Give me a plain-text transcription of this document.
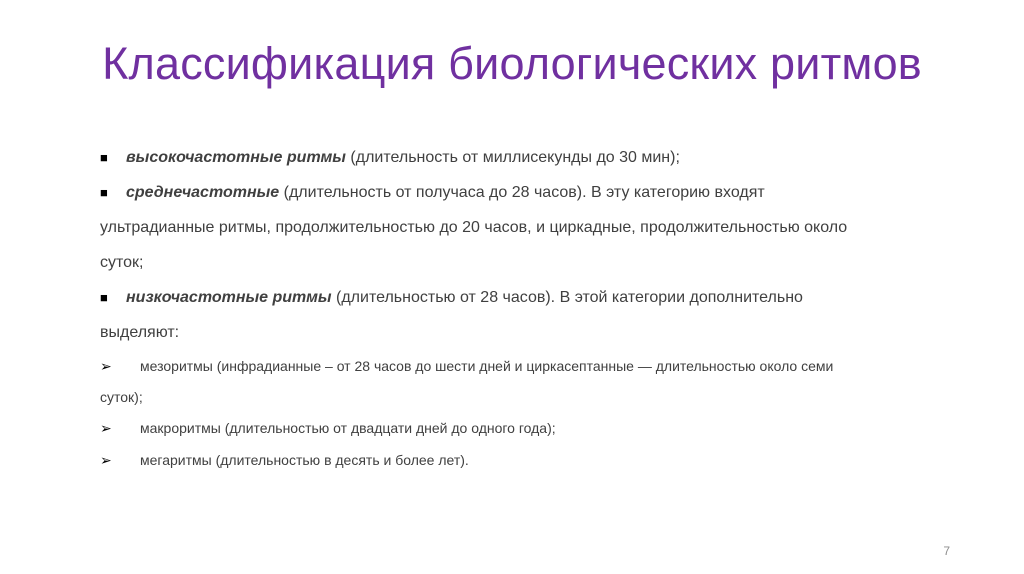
Классификация биологических ритмов
■ высокочастотные ритмы (длительность от миллисекунды до 30 мин);
■ среднечастотные (длительность от получаса до 28 часов). В эту категорию входят
ультрадианные ритмы, продолжительностью до 20 часов, и циркадные, продолжительностью около
суток;
■ низкочастотные ритмы (длительностью от 28 часов). В этой категории дополнительно
выделяют:
➢ мезоритмы (инфрадианные – от 28 часов до шести дней и циркасептанные — длительностью около семи
суток);
➢ макроритмы (длительностью от двадцати дней до одного года);
➢ мегаритмы (длительностью в десять и более лет).
7
